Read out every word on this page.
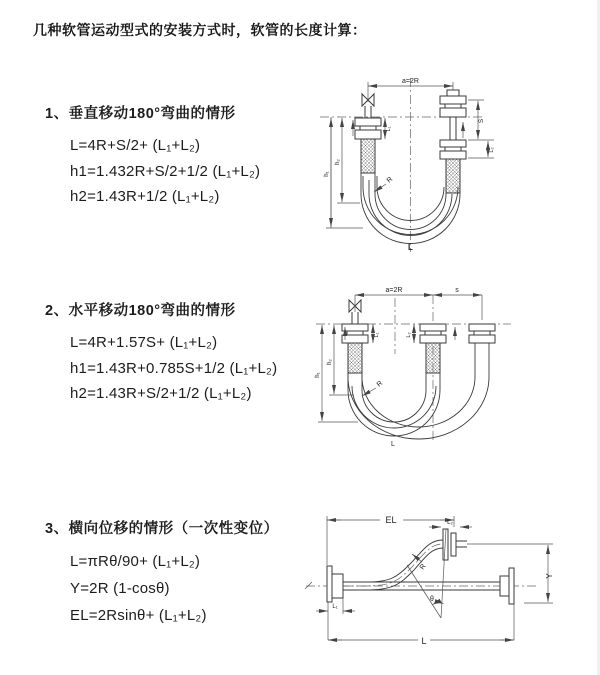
几种软管运动型式的安装方式时，软管的长度计算：
1、垂直移动180°弯曲的情形
L=4R+S/2+ (L₁+L₂)
h1=1.432R+S/2+1/2 (L₁+L₂)
h2=1.43R+1/2 (L₁+L₂)
a=2R
h₁
h₂
L₁
S
L₂
R
L
2、水平移动180°弯曲的情形
L=4R+1.57S+ (L₁+L₂)
h1=1.43R+0.785S+1/2 (L₁+L₂)
h2=1.43R+S/2+1/2 (L₁+L₂)
a=2R	s
h₁
h₂
L₁	L₂
R
L
3、横向位移的情形（一次性变位）
L=πRθ/90+ (L₁+L₂)
Y=2R (1-cosθ)
EL=2Rsinθ+ (L₁+L₂)
EL	L₂
Y
L
L₁
R
θ
